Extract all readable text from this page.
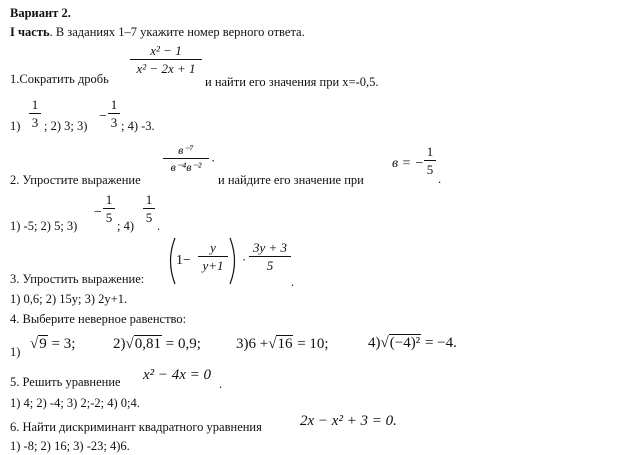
Вариант 2.
I часть. В заданиях 1–7 укажите номер верного ответа.
x² − 1
x² − 2x + 1
1.Сократить дробь	и найти его значения при x=-0,5.
1)
1
3 ; 2) 3; 3)
−
1
3 ; 4) -3.
в⁻⁷
в⁻⁴в⁻² ·
2. Упростите выражение	и найдите его значение при
в = −
1
5
.
1) -5; 2) 5; 3)
−
1
5
; 4)
1
5
.
1−
y
y+1	·
3y + 3
5
.
3. Упростить выражение:
1) 0,6; 2) 15y; 3) 2y+1.
4. Выберите неверное равенство:
1) √9 = 3;	2)√0,81 = 0,9; 3)6 +√16 = 10;	4)√(−4)² = −4.
5. Решить уравнение x² − 4x = 0
.
1) 4; 2) -4; 3) 2;-2; 4) 0;4.
6. Найти дискриминант квадратного уравнения	2x − x² + 3 = 0.
1) -8; 2) 16; 3) -23; 4)6.
